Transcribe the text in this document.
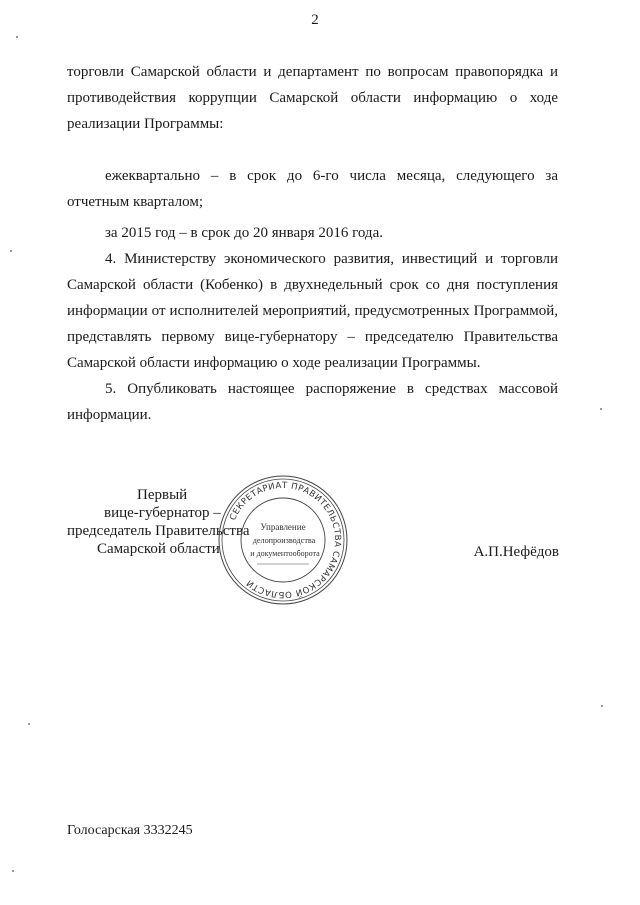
2

торговли Самарской области и департамент по вопросам правопорядка и противодействия коррупции Самарской области информацию о ходе реализации Программы:

ежеквартально – в срок до 6-го числа месяца, следующего за отчетным кварталом;

за 2015 год – в срок до 20 января 2016 года.

4. Министерству экономического развития, инвестиций и торговли Самарской области (Кобенко) в двухнедельный срок со дня поступления информации от исполнителей мероприятий, предусмотренных Программой, представлять первому вице-губернатору – председателю Правительства Самарской области информацию о ходе реализации Программы.

5. Опубликовать настоящее распоряжение в средствах массовой информации.

Первый
вице-губернатор –
председатель Правительства
Самарской области
СЕКРЕТАРИАТ ПРАВИТЕЛЬСТВА САМАРСКОЙ ОБЛАСТИ
Управление
делопроизводства
и документооборота	А.П.Нефёдов
Голосарская 3332245
